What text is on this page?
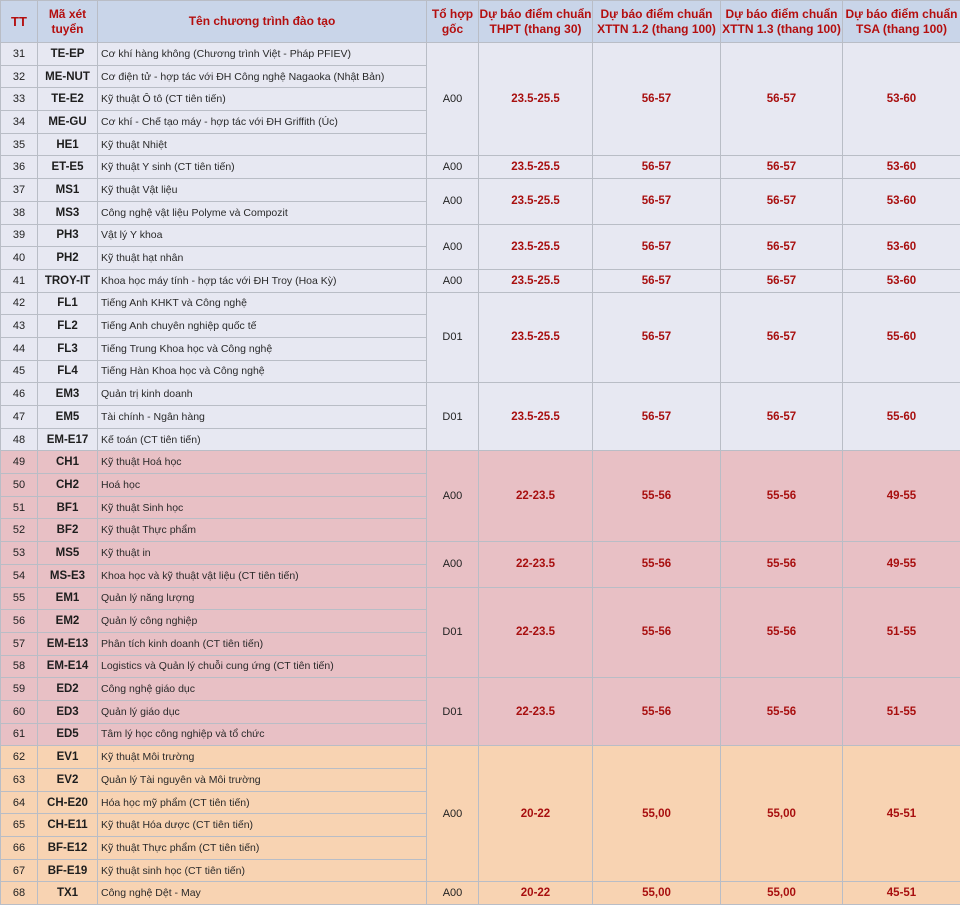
TT	Mã xét tuyển	Tên chương trình đào tạo	Tổ hợp gốc	Dự báo điểm chuẩn THPT (thang 30)	Dự báo điểm chuẩn XTTN 1.2 (thang 100)	Dự báo điểm chuẩn XTTN 1.3 (thang 100)	Dự báo điểm chuẩn TSA (thang 100)
31	TE-EP	Cơ khí hàng không (Chương trình Việt - Pháp PFIEV)	A00	23.5-25.5	56-57	56-57	53-60
32	ME-NUT	Cơ điện tử - hợp tác với ĐH Công nghệ Nagaoka (Nhật Bản)					
33	TE-E2	Kỹ thuật Ô tô (CT tiên tiến)					
34	ME-GU	Cơ khí - Chế tạo máy - hợp tác với ĐH Griffith (Úc)					
35	HE1	Kỹ thuật Nhiệt					
36	ET-E5	Kỹ thuật Y sinh (CT tiên tiến)	A00	23.5-25.5	56-57	56-57	53-60
37	MS1	Kỹ thuật Vật liệu	A00	23.5-25.5	56-57	56-57	53-60
38	MS3	Công nghệ vật liệu Polyme và Compozit					
39	PH3	Vật lý Y khoa	A00	23.5-25.5	56-57	56-57	53-60
40	PH2	Kỹ thuật hạt nhân					
41	TROY-IT	Khoa học máy tính - hợp tác với ĐH Troy (Hoa Kỳ)	A00	23.5-25.5	56-57	56-57	53-60
42	FL1	Tiếng Anh KHKT và Công nghệ	D01	23.5-25.5	56-57	56-57	55-60
43	FL2	Tiếng Anh chuyên nghiệp quốc tế					
44	FL3	Tiếng Trung Khoa học và Công nghệ					
45	FL4	Tiếng Hàn Khoa học và Công nghệ					
46	EM3	Quản trị kinh doanh	D01	23.5-25.5	56-57	56-57	55-60
47	EM5	Tài chính - Ngân hàng					
48	EM-E17	Kế toán (CT tiên tiến)					
49	CH1	Kỹ thuật Hoá học	A00	22-23.5	55-56	55-56	49-55
50	CH2	Hoá học					
51	BF1	Kỹ thuật Sinh học					
52	BF2	Kỹ thuật Thực phẩm					
53	MS5	Kỹ thuật in	A00	22-23.5	55-56	55-56	49-55
54	MS-E3	Khoa học và kỹ thuật vật liệu (CT tiên tiến)					
55	EM1	Quản lý năng lượng	D01	22-23.5	55-56	55-56	51-55
56	EM2	Quản lý công nghiệp					
57	EM-E13	Phân tích kinh doanh (CT tiên tiến)					
58	EM-E14	Logistics và Quản lý chuỗi cung ứng (CT tiên tiến)					
59	ED2	Công nghệ giáo dục	D01	22-23.5	55-56	55-56	51-55
60	ED3	Quản lý giáo dục					
61	ED5	Tâm lý học công nghiệp và tổ chức					
62	EV1	Kỹ thuật Môi trường	A00	20-22	55,00	55,00	45-51
63	EV2	Quản lý Tài nguyên và Môi trường					
64	CH-E20	Hóa học mỹ phẩm (CT tiên tiến)					
65	CH-E11	Kỹ thuật Hóa dược (CT tiên tiến)					
66	BF-E12	Kỹ thuật Thực phẩm (CT tiên tiến)					
67	BF-E19	Kỹ thuật sinh học (CT tiên tiến)					
68	TX1	Công nghệ Dệt - May	A00	20-22	55,00	55,00	45-51
